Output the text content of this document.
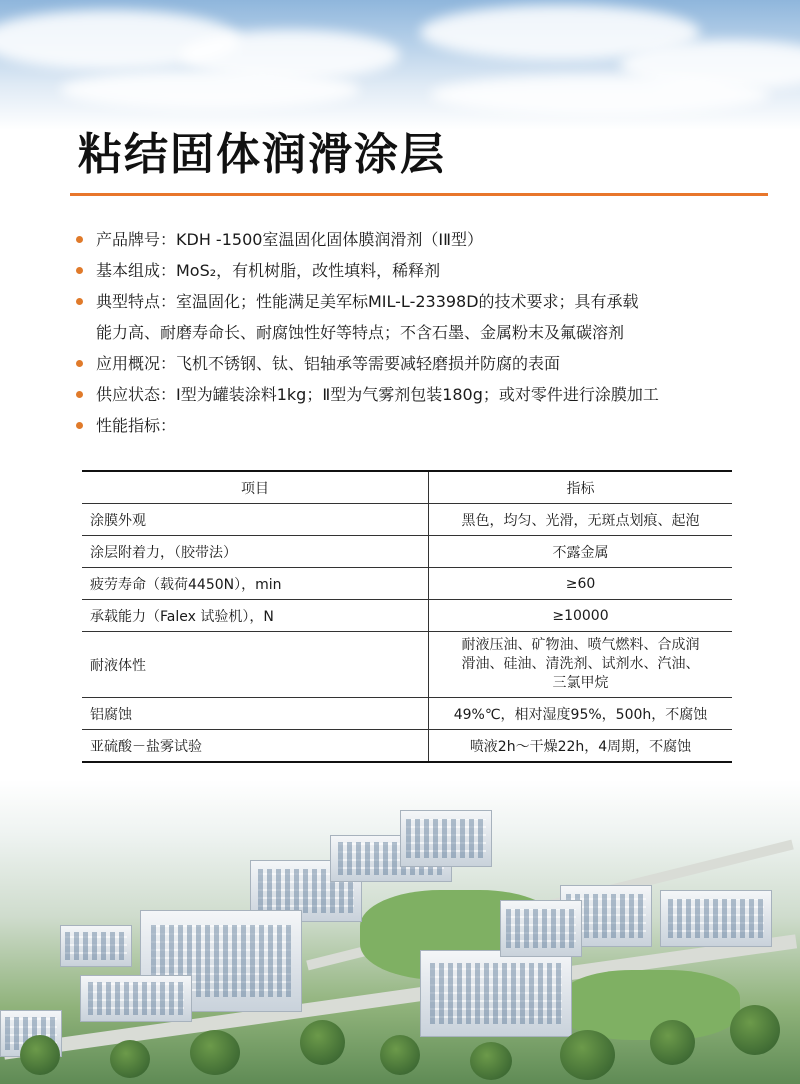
粘结固体润滑涂层
产品牌号：KDH -1500室温固化固体膜润滑剂（ⅠⅡ型）
基本组成：MoS₂，有机树脂，改性填料，稀释剂
典型特点：室温固化；性能满足美军标MIL-L-23398D的技术要求；具有承载
能力高、耐磨寿命长、耐腐蚀性好等特点；不含石墨、金属粉末及氟碳溶剂
应用概况：飞机不锈钢、钛、铝轴承等需要减轻磨损并防腐的表面
供应状态：Ⅰ型为罐装涂料1kg；Ⅱ型为气雾剂包装180g；或对零件进行涂膜加工
性能指标：
项目	指标
涂膜外观	黑色，均匀、光滑，无斑点划痕、起泡
涂层附着力，（胶带法）	不露金属
疲劳寿命（载荷4450N），min	≥60
承载能力（Falex 试验机），N	≥10000
耐液体性	耐液压油、矿物油、喷气燃料、合成润
滑油、硅油、清洗剂、试剂水、汽油、
三氯甲烷

铝腐蚀	49%℃，相对湿度95%，500h，不腐蚀
亚硫酸－盐雾试验	喷液2h～干燥22h，4周期，不腐蚀
